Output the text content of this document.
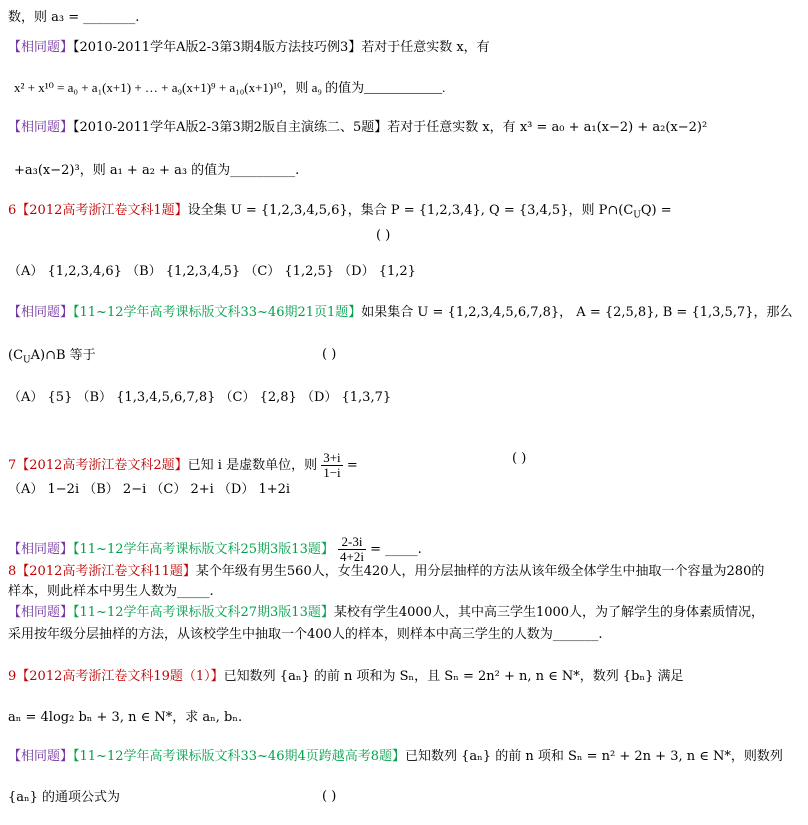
数，则 a₃ = ________.
【相同题】【2010-2011学年A版2-3第3期4版方法技巧例3】若对于任意实数 x，有
x² + x¹⁰ = a₀ + a₁(x+1) + … + a₉(x+1)⁹ + a₁₀(x+1)¹⁰，则 a₉ 的值为____________.
【相同题】【2010-2011学年A版2-3第3期2版自主演练二、5题】若对于任意实数 x，有 x³ = a₀ + a₁(x−2) + a₂(x−2)²
+a₃(x−2)³，则 a₁ + a₂ + a₃ 的值为__________.
6【2012高考浙江卷文科1题】设全集 U = {1,2,3,4,5,6}，集合 P = {1,2,3,4}, Q = {3,4,5}，则 $P\cap(C_UQ)$ =
( )
（A） {1,2,3,4,6} （B） {1,2,3,4,5} （C） {1,2,5} （D） {1,2}
【相同题】【11~12学年高考课标版文科33~46期21页1题】如果集合 U = {1,2,3,4,5,6,7,8}， A = {2,5,8}, B = {1,3,5,7}，那么
$(C_UA)\cap B$ 等于	( )
（A） {5} （B） {1,3,4,5,6,7,8} （C） {2,8} （D） {1,3,7}
7【2012高考浙江卷文科2题】已知 i 是虚数单位，则 $\frac{3+i}{1-i}$ =	( )
（A） 1−2i （B） 2−i （C） 2+i （D） 1+2i
【相同题】【11~12学年高考课标版文科25期3版13题】 $\frac{2-3i}{4+2i}$ = _____.
8【2012高考浙江卷文科11题】某个年级有男生560人，女生420人，用分层抽样的方法从该年级全体学生中抽取一个容量为280的
样本，则此样本中男生人数为_____.
【相同题】【11~12学年高考课标版文科27期3版13题】某校有学生4000人，其中高三学生1000人，为了解学生的身体素质情况，
采用按年级分层抽样的方法，从该校学生中抽取一个400人的样本，则样本中高三学生的人数为_______.
9【2012高考浙江卷文科19题（1）】已知数列 {aₙ} 的前 n 项和为 Sₙ，且 Sₙ = 2n² + n, n ∈ N*，数列 {bₙ} 满足
aₙ = 4log₂ bₙ + 3, n ∈ N*，求 aₙ, bₙ.
【相同题】【11~12学年高考课标版文科33~46期4页跨越高考8题】已知数列 {aₙ} 的前 n 项和 Sₙ = n² + 2n + 3, n ∈ N*，则数列
{aₙ} 的通项公式为	( )
